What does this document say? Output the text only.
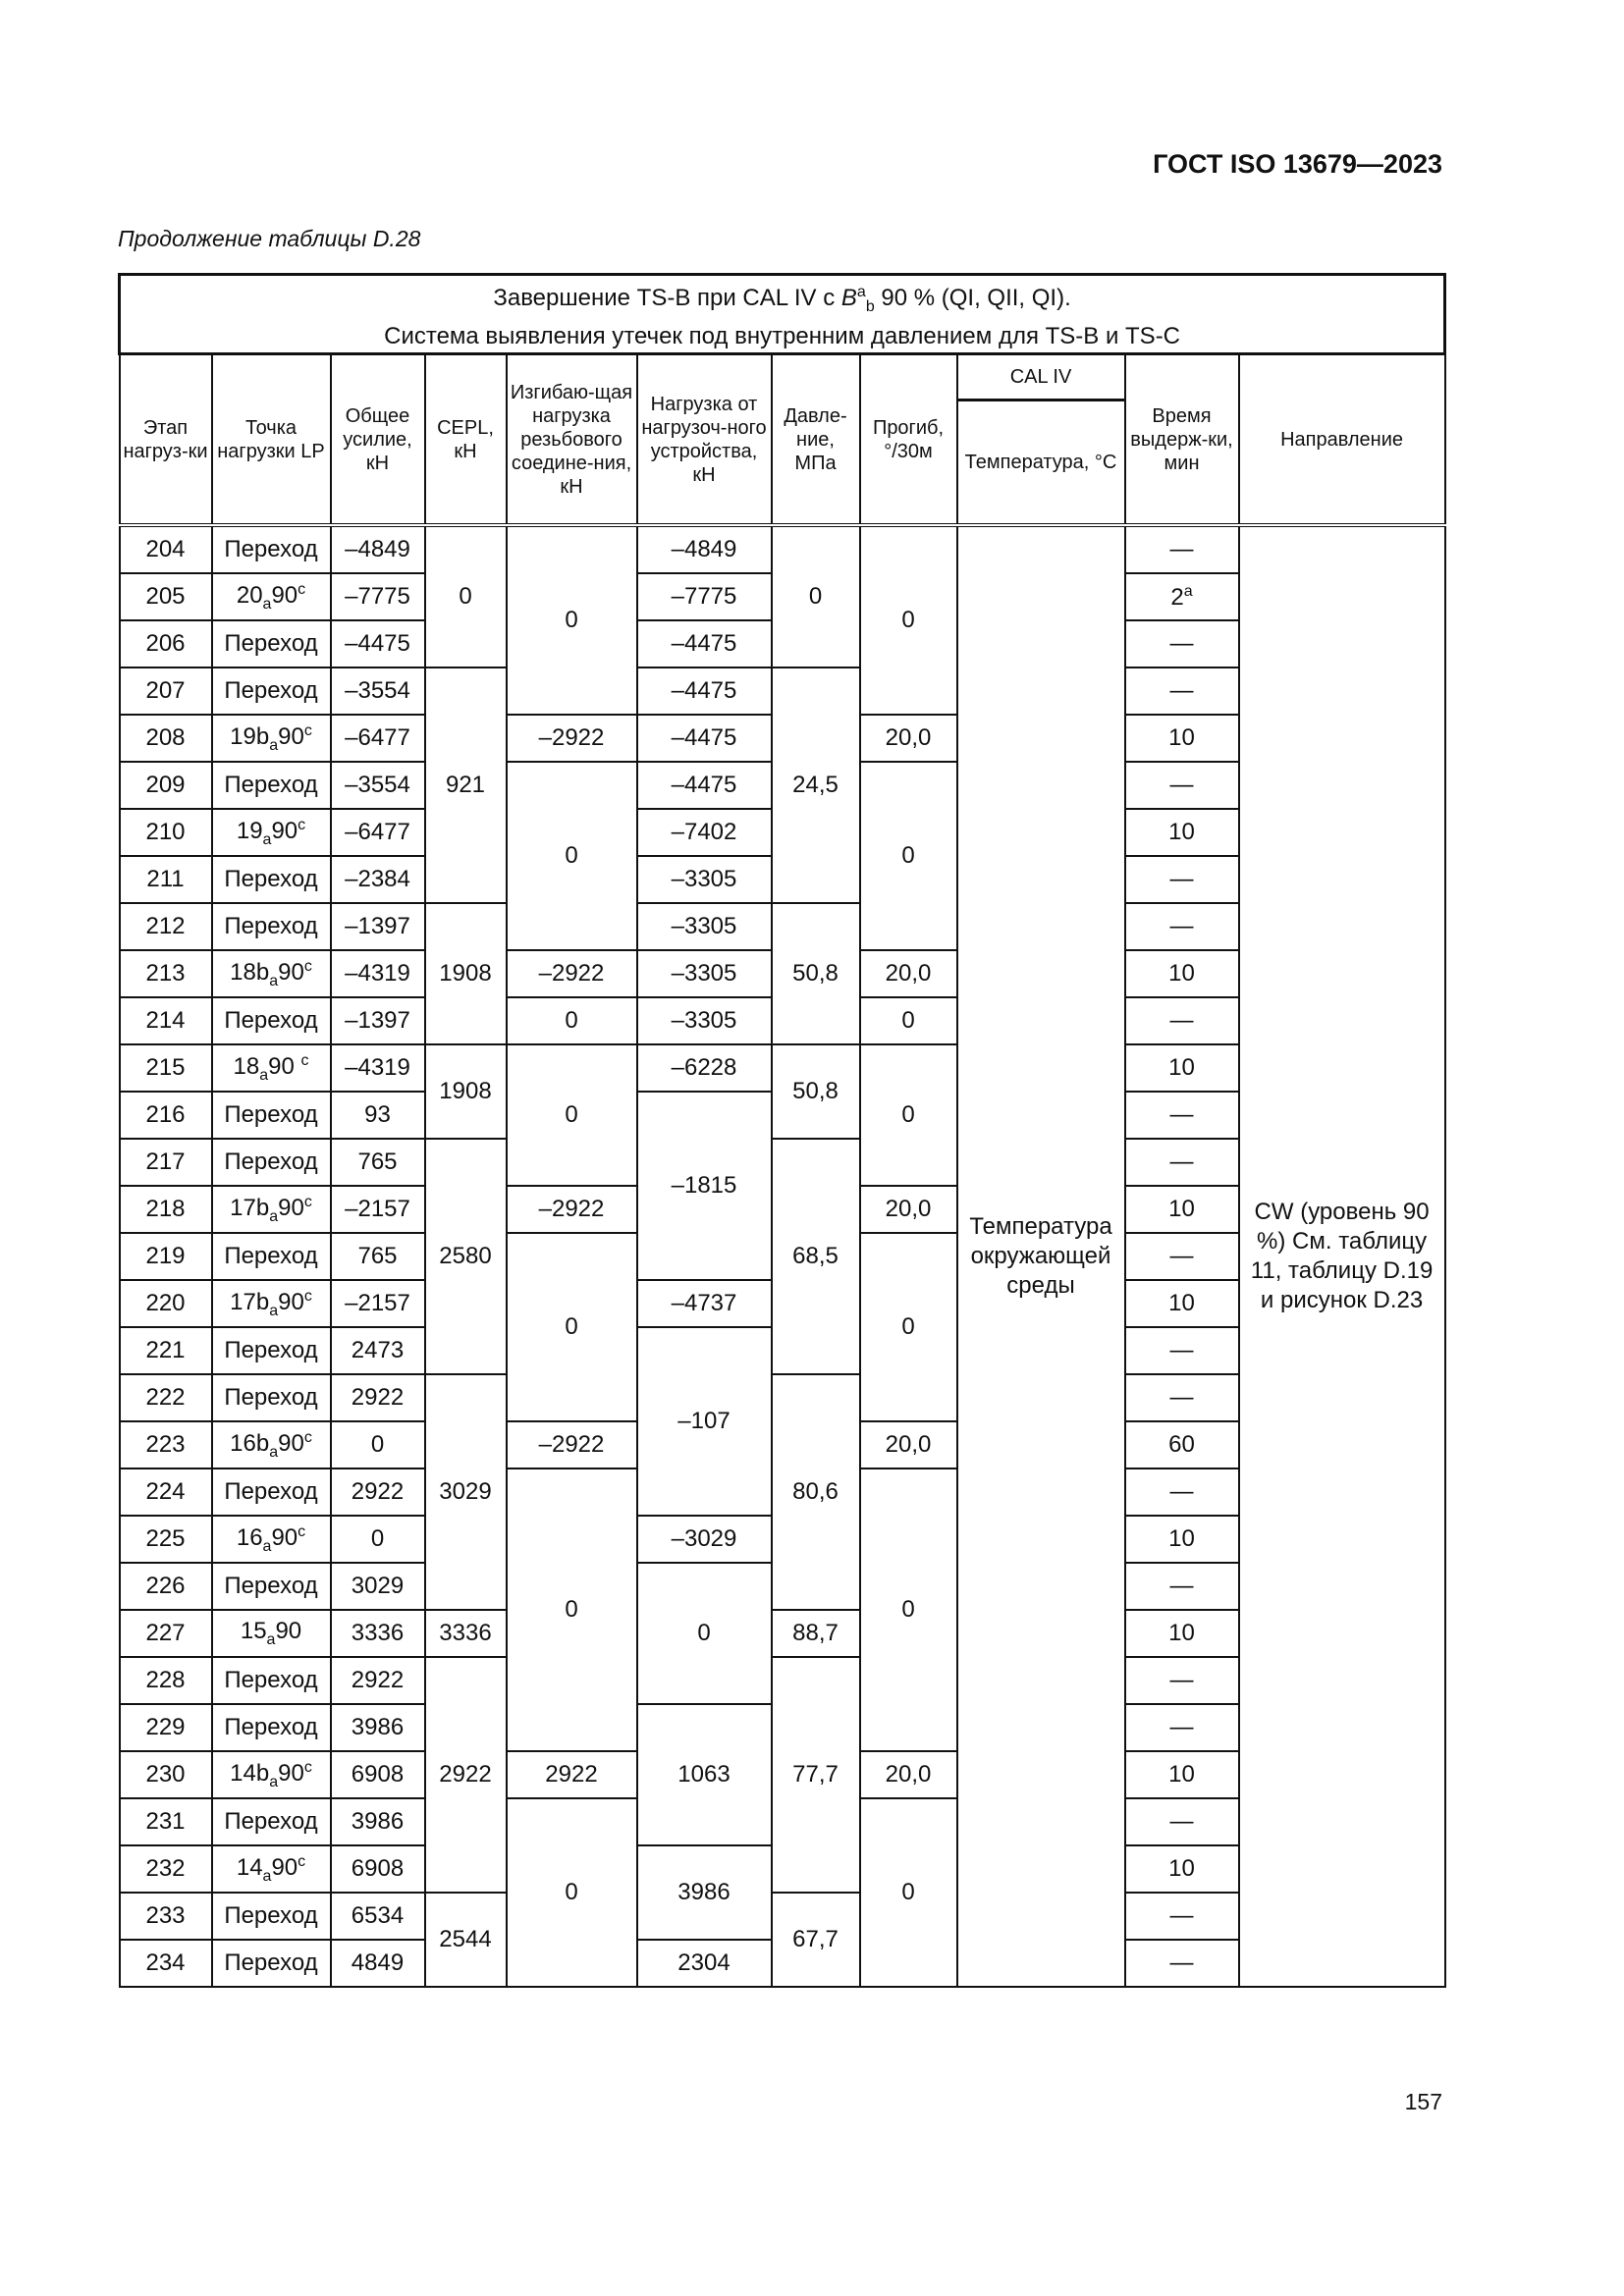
ГОСТ ISO 13679—2023
Продолжение таблицы D.28
Завершение TS-B при CAL IV с $B^a_b$ 90 % (QI, QII, QI).
Система выявления утечек под внутренним давлением для TS-B и TS-C										
Этап нагруз-ки	Точка нагрузки LP	Общее усилие, кН	CEPL, кН	Изгибаю-щая нагрузка резьбового соедине-ния, кН	Нагрузка от нагрузоч-ного устройства, кН	Давле-ние, МПа	Прогиб, °/30м	CAL IV	Время выдерж-ки, мин	Направление
								Температура, °С		
204	Переход	–4849	0	0	–4849	0	0	Температура окружающей среды	—	CW (уровень 90 %) См. таблицу 11, таблицу D.19 и рисунок D.23
205	$20_a90^c$	–7775			–7775				2$^a$
206	Переход	–4475			–4475				—	
207	Переход	–3554	921		–4475	24,5			—	
208	$19b_a90^c$	–6477		–2922	–4475		20,0		10	
209	Переход	–3554		0	–4475		0		—	
210	$19_a90^c$	–6477			–7402				10	
211	Переход	–2384			–3305				—	
212	Переход	–1397	1908		–3305	50,8			—	
213	$18b_a90^c$	–4319		–2922	–3305		20,0		10	
214	Переход	–1397		0	–3305		0		—	
215	$18_a90$ $^c$	–4319	1908	0	–6228	50,8	0		10	
216	Переход	93			–1815				—	
217	Переход	765	2580			68,5			—	
218	$17b_a90^c$	–2157		–2922			20,0		10	
219	Переход	765		0			0		—	
220	$17b_a90^c$	–2157			–4737				10	
221	Переход	2473			–107				—	
222	Переход	2922	3029			80,6			—	
223	$16b_a90^c$	0		–2922			20,0		60	
224	Переход	2922		0			0		—	
225	$16_a90^c$	0			–3029				10	
226	Переход	3029			0				—	
227	$15_a90$	3336	3336			88,7			10	
228	Переход	2922	2922			77,7			—	
229	Переход	3986			1063				—	
230	$14b_a90^c$	6908		2922			20,0		10	
231	Переход	3986		0			0		—	
232	$14_a90^c$	6908			3986				10	
233	Переход	6534	2544			67,7			—	
234	Переход	4849			2304				—	
157
